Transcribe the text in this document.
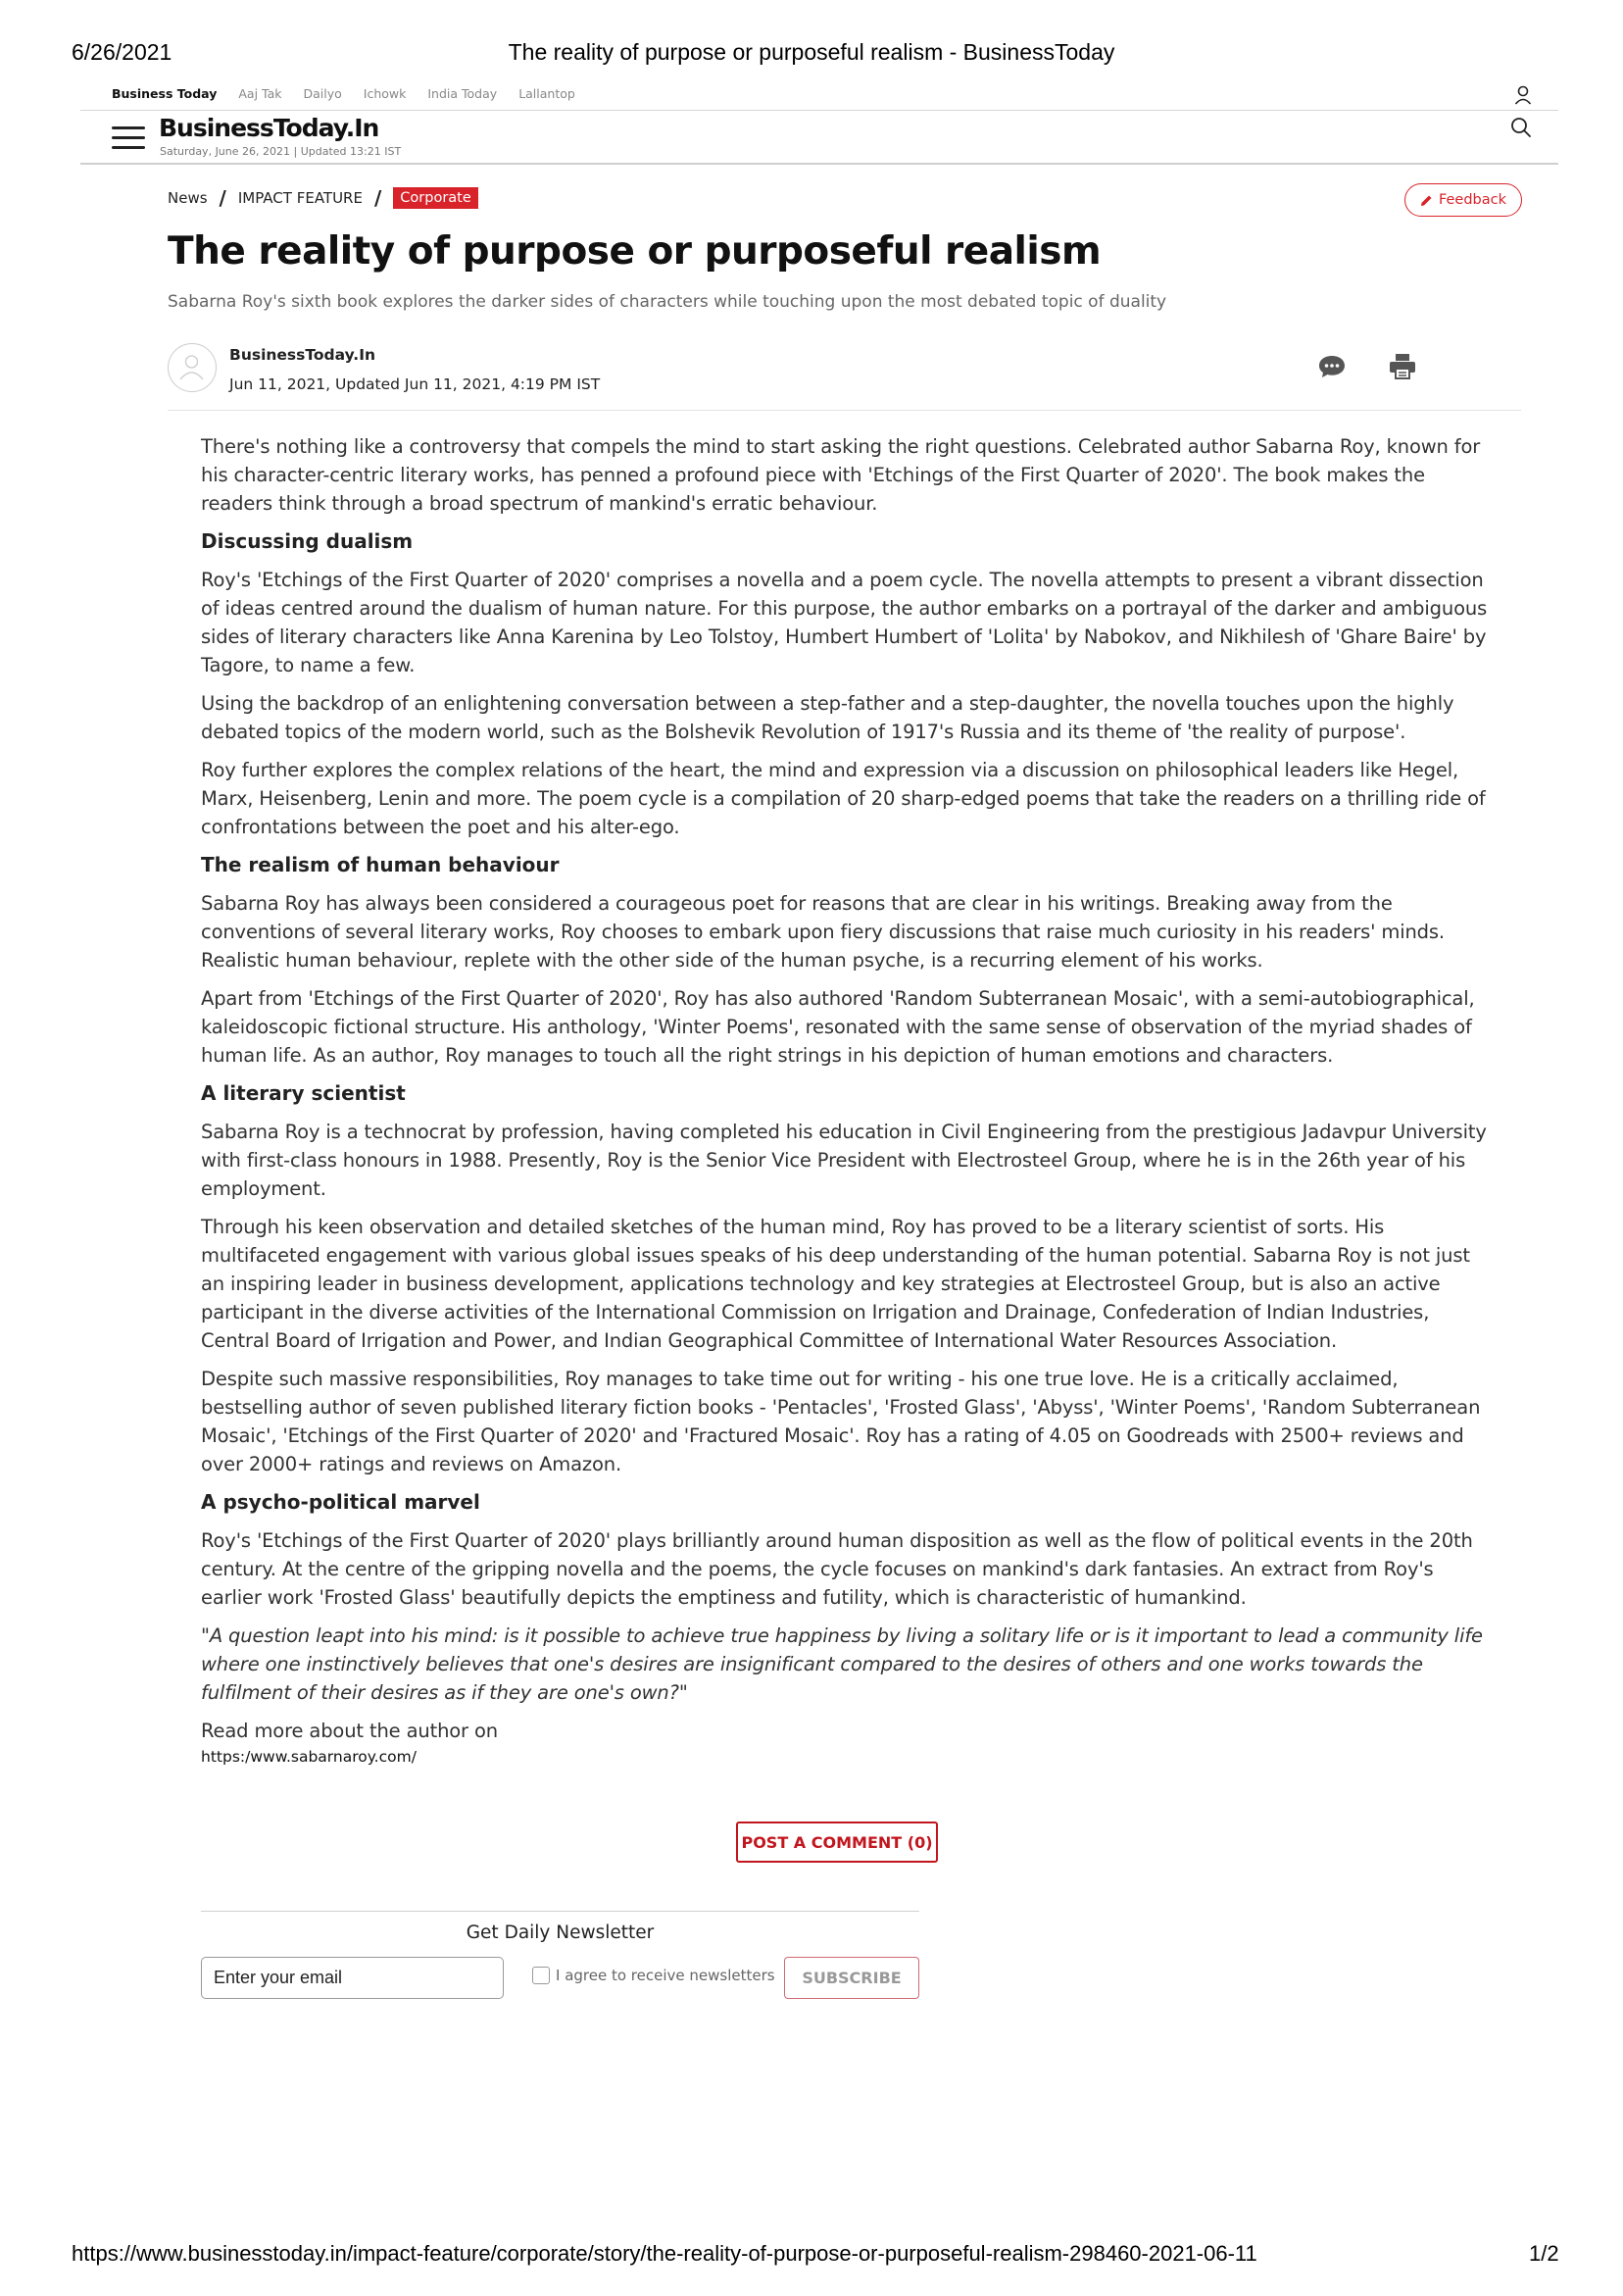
6/26/2021	The reality of purpose or purposeful realism - BusinessToday
Business Today Aaj Tak Dailyo Ichowk India Today Lallantop
BusinessToday.In
Saturday, June 26, 2021 | Updated 13:21 IST
News / IMPACT FEATURE /	Corporate	Feedback
The reality of purpose or purposeful realism
Sabarna Roy's sixth book explores the darker sides of characters while touching upon the most debated topic of duality
BusinessToday.In
Jun 11, 2021, Updated Jun 11, 2021, 4:19 PM IST

There's nothing like a controversy that compels the mind to start asking the right questions. Celebrated author Sabarna Roy, known for his character-centric literary works, has penned a profound piece with 'Etchings of the First Quarter of 2020'. The book makes the readers think through a broad spectrum of mankind's erratic behaviour.

Discussing dualism

Roy's 'Etchings of the First Quarter of 2020' comprises a novella and a poem cycle. The novella attempts to present a vibrant dissection of ideas centred around the dualism of human nature. For this purpose, the author embarks on a portrayal of the darker and ambiguous sides of literary characters like Anna Karenina by Leo Tolstoy, Humbert Humbert of 'Lolita' by Nabokov, and Nikhilesh of 'Ghare Baire' by Tagore, to name a few.

Using the backdrop of an enlightening conversation between a step-father and a step-daughter, the novella touches upon the highly debated topics of the modern world, such as the Bolshevik Revolution of 1917's Russia and its theme of 'the reality of purpose'.

Roy further explores the complex relations of the heart, the mind and expression via a discussion on philosophical leaders like Hegel, Marx, Heisenberg, Lenin and more. The poem cycle is a compilation of 20 sharp-edged poems that take the readers on a thrilling ride of confrontations between the poet and his alter-ego.

The realism of human behaviour

Sabarna Roy has always been considered a courageous poet for reasons that are clear in his writings. Breaking away from the conventions of several literary works, Roy chooses to embark upon fiery discussions that raise much curiosity in his readers' minds. Realistic human behaviour, replete with the other side of the human psyche, is a recurring element of his works.

Apart from 'Etchings of the First Quarter of 2020', Roy has also authored 'Random Subterranean Mosaic', with a semi-autobiographical, kaleidoscopic fictional structure. His anthology, 'Winter Poems', resonated with the same sense of observation of the myriad shades of human life. As an author, Roy manages to touch all the right strings in his depiction of human emotions and characters.

A literary scientist

Sabarna Roy is a technocrat by profession, having completed his education in Civil Engineering from the prestigious Jadavpur University with first-class honours in 1988. Presently, Roy is the Senior Vice President with Electrosteel Group, where he is in the 26th year of his employment.

Through his keen observation and detailed sketches of the human mind, Roy has proved to be a literary scientist of sorts. His multifaceted engagement with various global issues speaks of his deep understanding of the human potential. Sabarna Roy is not just an inspiring leader in business development, applications technology and key strategies at Electrosteel Group, but is also an active participant in the diverse activities of the International Commission on Irrigation and Drainage, Confederation of Indian Industries, Central Board of Irrigation and Power, and Indian Geographical Committee of International Water Resources Association.

Despite such massive responsibilities, Roy manages to take time out for writing - his one true love. He is a critically acclaimed, bestselling author of seven published literary fiction books - 'Pentacles', 'Frosted Glass', 'Abyss', 'Winter Poems', 'Random Subterranean Mosaic', 'Etchings of the First Quarter of 2020' and 'Fractured Mosaic'. Roy has a rating of 4.05 on Goodreads with 2500+ reviews and over 2000+ ratings and reviews on Amazon.

A psycho-political marvel

Roy's 'Etchings of the First Quarter of 2020' plays brilliantly around human disposition as well as the flow of political events in the 20th century. At the centre of the gripping novella and the poems, the cycle focuses on mankind's dark fantasies. An extract from Roy's earlier work 'Frosted Glass' beautifully depicts the emptiness and futility, which is characteristic of humankind.

"A question leapt into his mind: is it possible to achieve true happiness by living a solitary life or is it important to lead a community life where one instinctively believes that one's desires are insignificant compared to the desires of others and one works towards the fulfilment of their desires as if they are one's own?"

Read more about the author on

https:/www.sabarnaroy.com/
POST A COMMENT (0)
Get Daily Newsletter
Enter your email
I agree to receive newsletters	SUBSCRIBE
https://www.businesstoday.in/impact-feature/corporate/story/the-reality-of-purpose-or-purposeful-realism-298460-2021-06-11	1/2
